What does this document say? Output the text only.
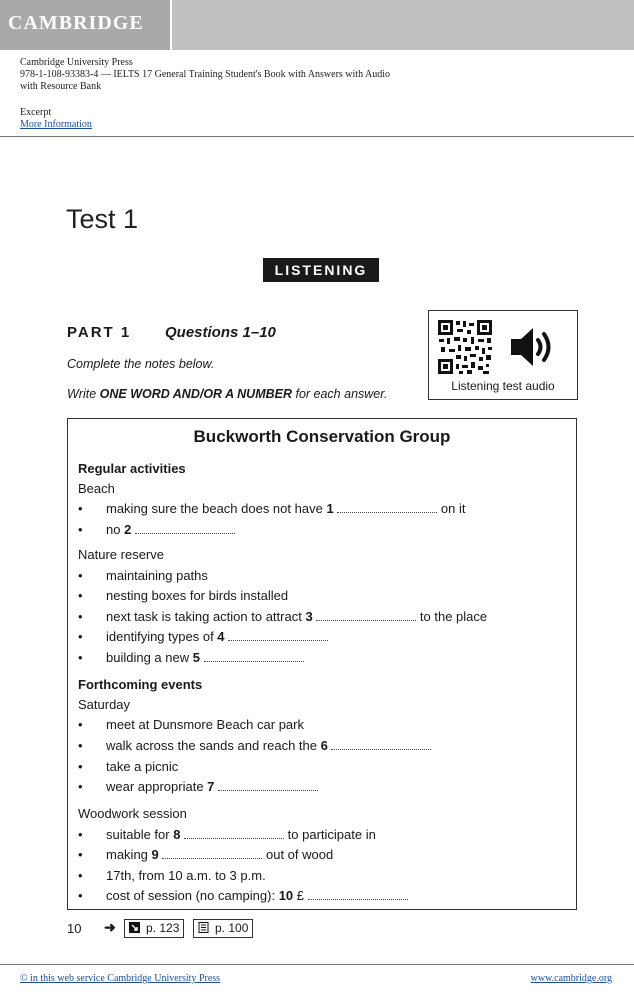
CAMBRIDGE
Cambridge University Press
978-1-108-93383-4 — IELTS 17 General Training Student's Book with Answers with Audio
with Resource Bank
Excerpt
More Information
Test 1
LISTENING
PART 1 Questions 1–10
Complete the notes below.
Write ONE WORD AND/OR A NUMBER for each answer.
Listening test audio
Buckworth Conservation Group
Regular activities
Beach
• making sure the beach does not have 1	on it
• no 2
Nature reserve
• maintaining paths
• nesting boxes for birds installed
• next task is taking action to attract 3	to the place
• identifying types of 4
• building a new 5
Forthcoming events
Saturday
• meet at Dunsmore Beach car park
• walk across the sands and reach the 6
• take a picnic
• wear appropriate 7
Woodwork session
• suitable for 8	to participate in
• making 9	out of wood
• 17th, from 10 a.m. to 3 p.m.
• cost of session (no camping): 10 £
10 ➜	p. 123	p. 100
© in this web service Cambridge University Press	www.cambridge.org
